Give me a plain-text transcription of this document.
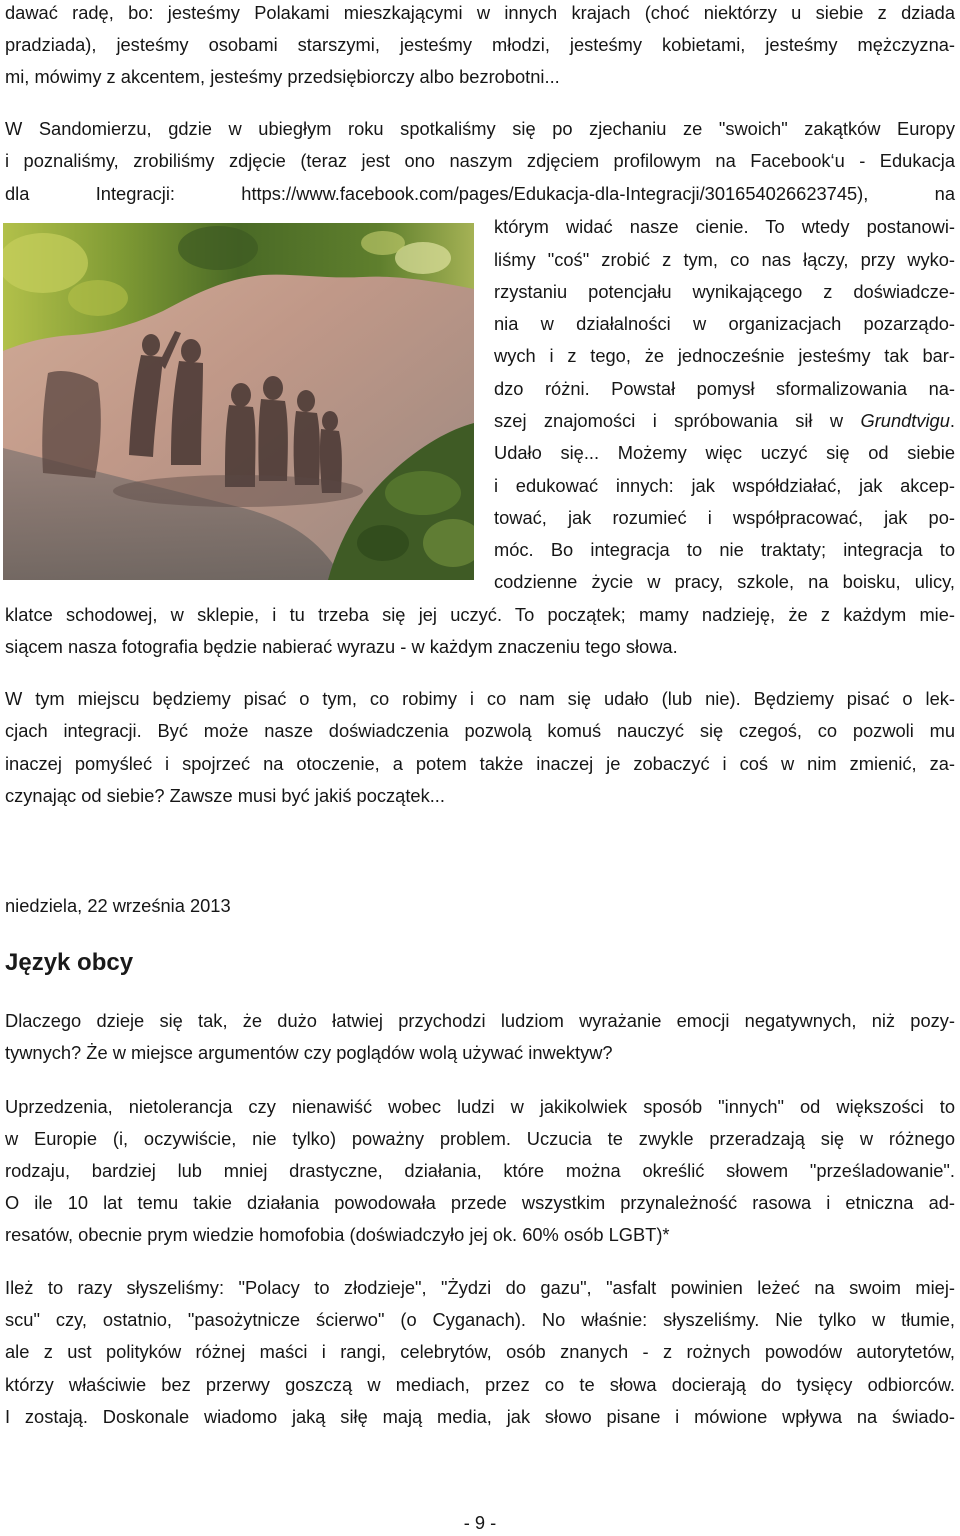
dawać radę, bo: jesteśmy Polakami mieszkającymi w innych krajach (choć niektórzy u siebie z dziada
pradziada), jesteśmy osobami starszymi, jesteśmy młodzi, jesteśmy kobietami, jesteśmy mężczyzna-
mi, mówimy z akcentem, jesteśmy przedsiębiorczy albo bezrobotni...
W Sandomierzu, gdzie w ubiegłym roku spotkaliśmy się po zjechaniu ze "swoich" zakątków Europy
i poznaliśmy, zrobiliśmy zdjęcie (teraz jest ono naszym zdjęciem profilowym na Facebook‘u - Edukacja
dla Integracji: https://www.facebook.com/pages/Edukacja-dla-Integracji/301654026623745), na
którym widać nasze cienie. To wtedy postanowi-
liśmy "coś" zrobić z tym, co nas łączy, przy wyko-
rzystaniu potencjału wynikającego z doświadcze-
nia w działalności w organizacjach pozarządo-
wych i z tego, że jednocześnie jesteśmy tak bar-
dzo różni. Powstał pomysł sformalizowania na-
szej znajomości i spróbowania sił w Grundtvigu.
Udało się... Możemy więc uczyć się od siebie
i edukować innych: jak współdziałać, jak akcep-
tować, jak rozumieć i współpracować, jak po-
móc. Bo integracja to nie traktaty; integracja to
codzienne życie w pracy, szkole, na boisku, ulicy,
klatce schodowej, w sklepie, i tu trzeba się jej uczyć. To początek; mamy nadzieję, że z każdym mie-
siącem nasza fotografia będzie nabierać wyrazu - w każdym znaczeniu tego słowa.
W tym miejscu będziemy pisać o tym, co robimy i co nam się udało (lub nie). Będziemy pisać o lek-
cjach integracji. Być może nasze doświadczenia pozwolą komuś nauczyć się czegoś, co pozwoli mu
inaczej pomyśleć i spojrzeć na otoczenie, a potem także inaczej je zobaczyć i coś w nim zmienić, za-
czynając od siebie? Zawsze musi być jakiś początek...
niedziela, 22 września 2013
Język obcy
Dlaczego dzieje się tak, że dużo łatwiej przychodzi ludziom wyrażanie emocji negatywnych, niż pozy-
tywnych? Że w miejsce argumentów czy poglądów wolą używać inwektyw?
Uprzedzenia, nietolerancja czy nienawiść wobec ludzi w jakikolwiek sposób "innych" od większości to
w Europie (i, oczywiście, nie tylko) poważny problem. Uczucia te zwykle przeradzają się w różnego
rodzaju, bardziej lub mniej drastyczne, działania, które można określić słowem "prześladowanie".
O ile 10 lat temu takie działania powodowała przede wszystkim przynależność rasowa i etniczna ad-
resatów, obecnie prym wiedzie homofobia (doświadczyło jej ok. 60% osób LGBT)*
Ileż to razy słyszeliśmy: "Polacy to złodzieje", "Żydzi do gazu", "asfalt powinien leżeć na swoim miej-
scu" czy, ostatnio, "pasożytnicze ścierwo" (o Cyganach). No właśnie: słyszeliśmy. Nie tylko w tłumie,
ale z ust polityków różnej maści i rangi, celebrytów, osób znanych - z rożnych powodów autorytetów,
którzy właściwie bez przerwy goszczą w mediach, przez co te słowa docierają do tysięcy odbiorców.
I zostają. Doskonale wiadomo jaką siłę mają media, jak słowo pisane i mówione wpływa na świado-
- 9 -
